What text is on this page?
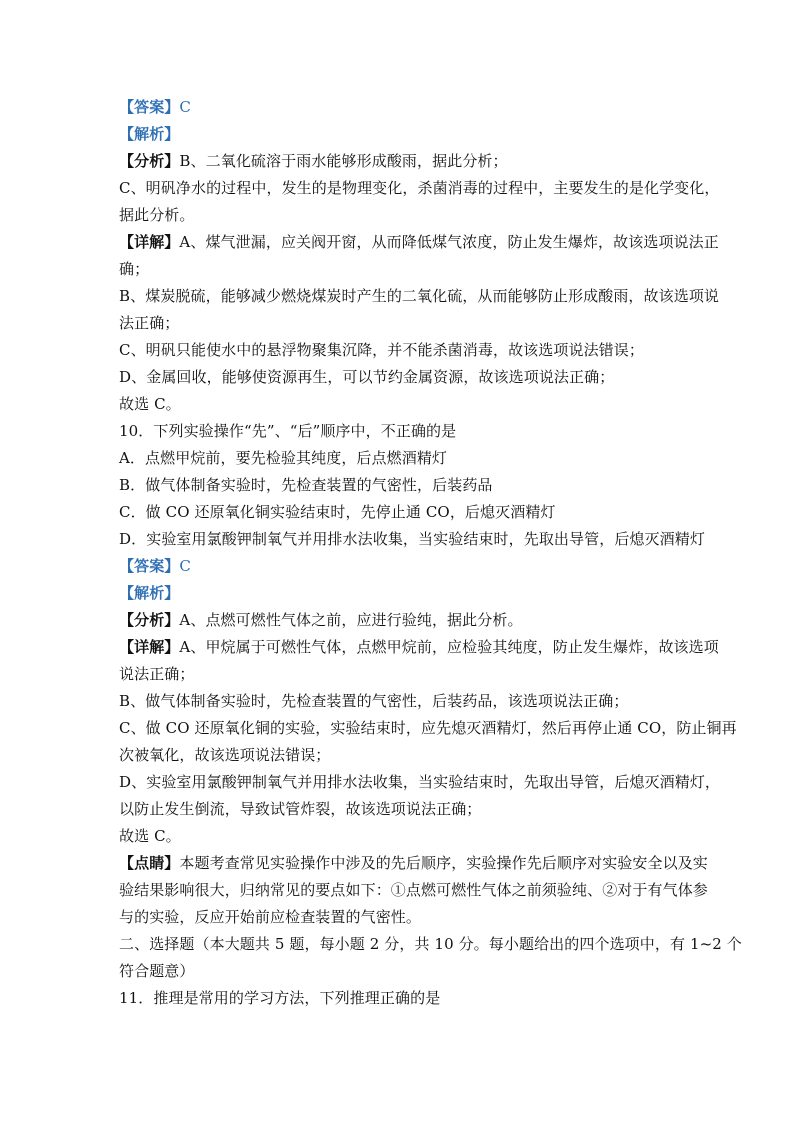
【答案】C
【解析】
【分析】B、二氧化硫溶于雨水能够形成酸雨，据此分析；
C、明矾净水的过程中，发生的是物理变化，杀菌消毒的过程中，主要发生的是化学变化，
据此分析。
【详解】A、煤气泄漏，应关阀开窗，从而降低煤气浓度，防止发生爆炸，故该选项说法正
确；
B、煤炭脱硫，能够减少燃烧煤炭时产生的二氧化硫，从而能够防止形成酸雨，故该选项说
法正确；
C、明矾只能使水中的悬浮物聚集沉降，并不能杀菌消毒，故该选项说法错误；
D、金属回收，能够使资源再生，可以节约金属资源，故该选项说法正确；
故选 C。
10．下列实验操作“先”、“后”顺序中，不正确的是
A．点燃甲烷前，要先检验其纯度，后点燃酒精灯
B．做气体制备实验时，先检查装置的气密性，后装药品
C．做 CO 还原氧化铜实验结束时，先停止通 CO，后熄灭酒精灯
D．实验室用氯酸钾制氧气并用排水法收集，当实验结束时，先取出导管，后熄灭酒精灯
【答案】C
【解析】
【分析】A、点燃可燃性气体之前，应进行验纯，据此分析。
【详解】A、甲烷属于可燃性气体，点燃甲烷前，应检验其纯度，防止发生爆炸，故该选项
说法正确；
B、做气体制备实验时，先检查装置的气密性，后装药品，该选项说法正确；
C、做 CO 还原氧化铜的实验，实验结束时，应先熄灭酒精灯，然后再停止通 CO，防止铜再
次被氧化，故该选项说法错误；
D、实验室用氯酸钾制氧气并用排水法收集，当实验结束时，先取出导管，后熄灭酒精灯，
以防止发生倒流，导致试管炸裂，故该选项说法正确；
故选 C。
【点睛】本题考查常见实验操作中涉及的先后顺序，实验操作先后顺序对实验安全以及实
验结果影响很大，归纳常见的要点如下：①点燃可燃性气体之前须验纯、②对于有气体参
与的实验，反应开始前应检查装置的气密性。
二、选择题（本大题共 5 题，每小题 2 分，共 10 分。每小题给出的四个选项中，有 1~2 个
符合题意）
11．推理是常用的学习方法，下列推理正确的是
